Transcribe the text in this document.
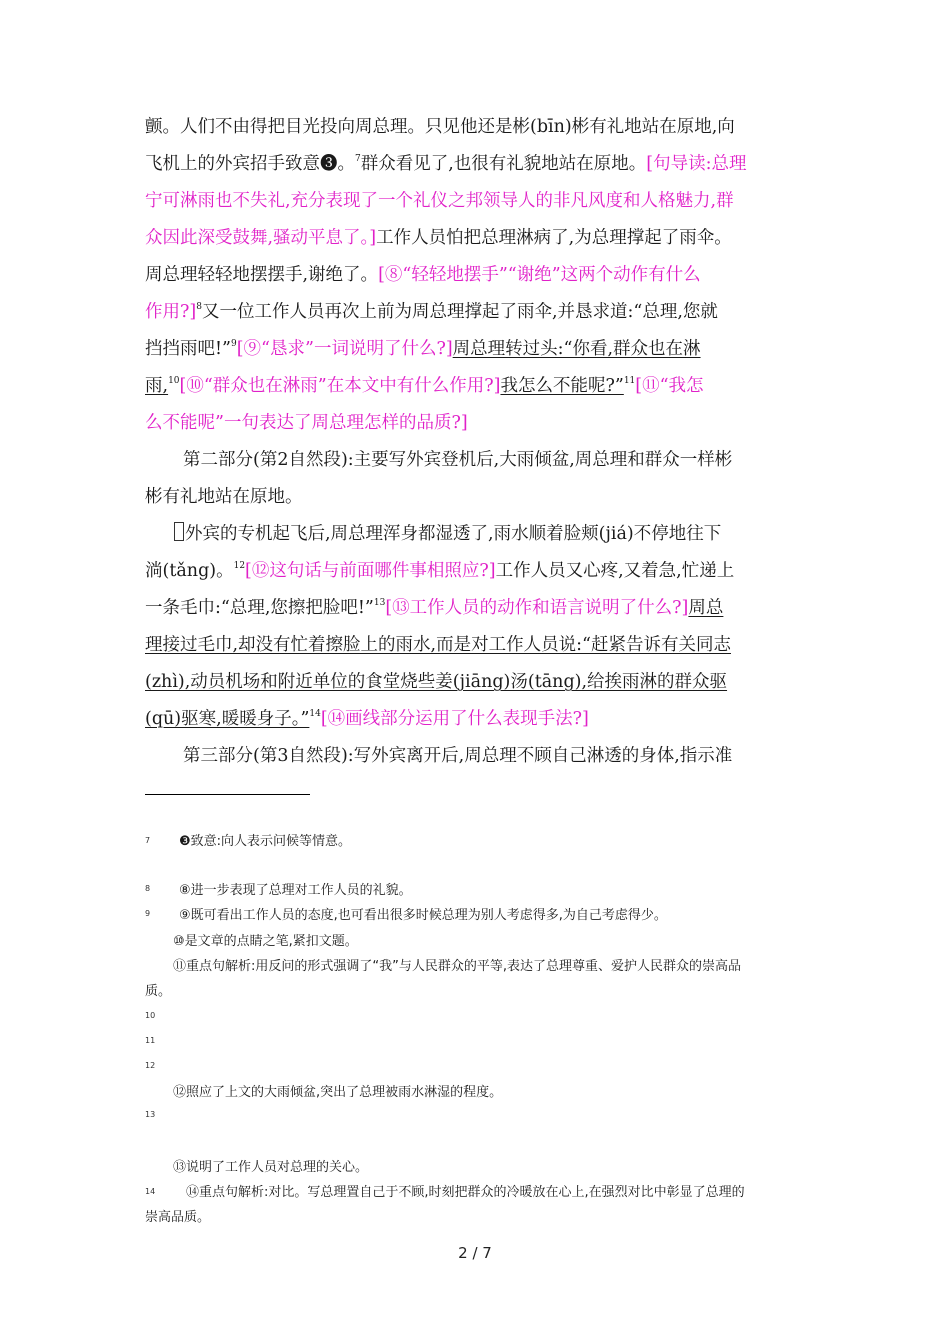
颤。人们不由得把目光投向周总理。只见他还是彬(bīn)彬有礼地站在原地,向
飞机上的外宾招手致意❸。$^7$群众看见了,也很有礼貌地站在原地。[句导读:总理
宁可淋雨也不失礼,充分表现了一个礼仪之邦领导人的非凡风度和人格魅力,群
众因此深受鼓舞,骚动平息了。]工作人员怕把总理淋病了,为总理撑起了雨伞。
周总理轻轻地摆摆手,谢绝了。[⑧“轻轻地摆手”“谢绝”这两个动作有什么
作用?]$^8$又一位工作人员再次上前为周总理撑起了雨伞,并恳求道:“总理,您就
挡挡雨吧!”$^9$[⑨“恳求”一词说明了什么?]周总理转过头:“你看,群众也在淋
雨,$^{10}$[⑩“群众也在淋雨”在本文中有什么作用?]我怎么不能呢?”$^{11}$[⑪“我怎
么不能呢”一句表达了周总理怎样的品质?]
第二部分(第2自然段):主要写外宾登机后,大雨倾盆,周总理和群众一样彬
彬有礼地站在原地。
外宾的专机起飞后,周总理浑身都湿透了,雨水顺着脸颊(jiá)不停地往下
淌(tǎng)。$^{12}$[⑫这句话与前面哪件事相照应?]工作人员又心疼,又着急,忙递上
一条毛巾:“总理,您擦把脸吧!”$^{13}$[⑬工作人员的动作和语言说明了什么?]周总
理接过毛巾,却没有忙着擦脸上的雨水,而是对工作人员说:“赶紧告诉有关同志
(zhì),动员机场和附近单位的食堂烧些姜(jiāng)汤(tāng),给挨雨淋的群众驱
(qū)驱寒,暖暖身子。”$^{14}$[⑭画线部分运用了什么表现手法?]
第三部分(第3自然段):写外宾离开后,周总理不顾自己淋透的身体,指示准
7 ❸致意:向人表示问候等情意。
8 ⑧进一步表现了总理对工作人员的礼貌。
9 ⑨既可看出工作人员的态度,也可看出很多时候总理为别人考虑得多,为自己考虑得少。
⑩是文章的点睛之笔,紧扣文题。
⑪重点句解析:用反问的形式强调了“我”与人民群众的平等,表达了总理尊重、爱护人民群众的崇高品
质。
10
11
12
⑫照应了上文的大雨倾盆,突出了总理被雨水淋湿的程度。
13
⑬说明了工作人员对总理的关心。
14 ⑭重点句解析:对比。写总理置自己于不顾,时刻把群众的冷暖放在心上,在强烈对比中彰显了总理的
崇高品质。
2 / 7
